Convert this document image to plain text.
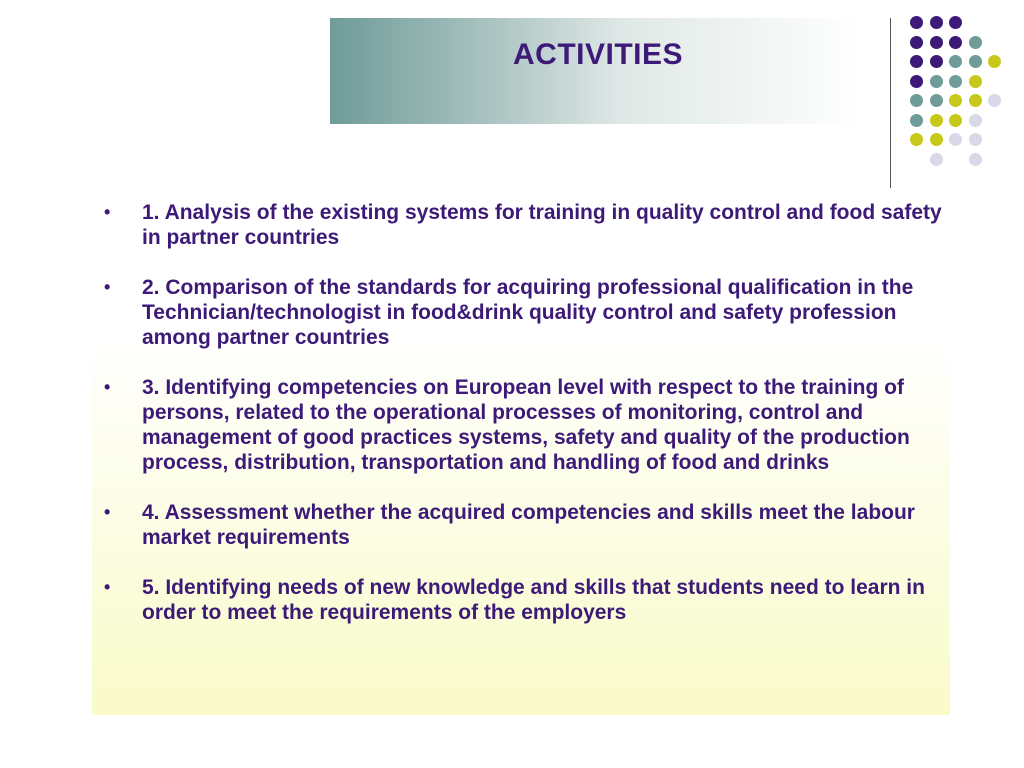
ACTIVITIES
•	1. Analysis of the existing systems for training in quality control and food safety in partner countries
•	2. Comparison of the standards for acquiring professional qualification in the Technician/technologist in food&drink quality control and safety profession among partner countries
•	3. Identifying competencies on European level with respect to the training of persons, related to the operational processes of monitoring, control and management of good practices systems, safety and quality of the production process, distribution, transportation and handling of food and drinks
•	4. Assessment whether the acquired competencies and skills meet the labour market requirements
•	5. Identifying needs of new knowledge and skills that students need to learn in order to meet the requirements of the employers
